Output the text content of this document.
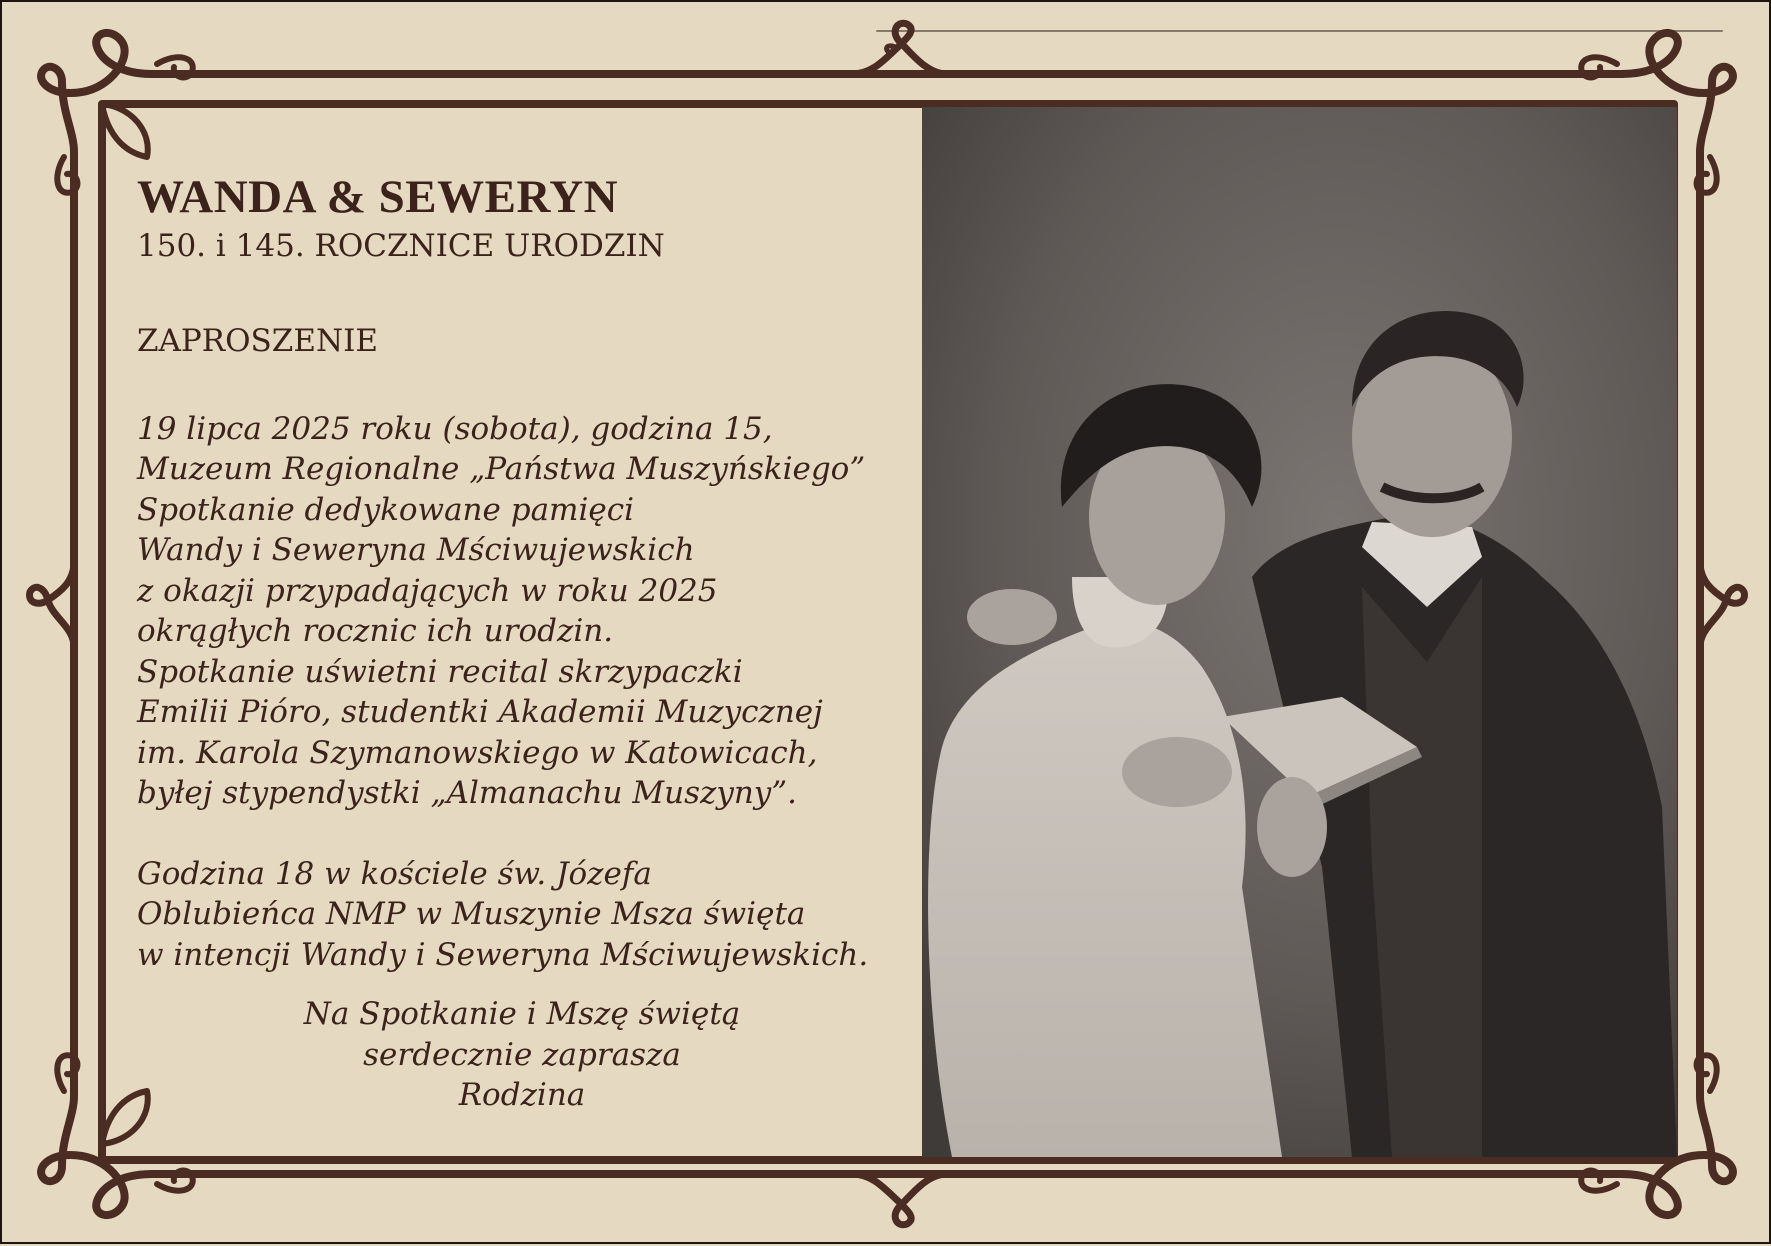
WANDA & SEWERYN

150. i 145. ROCZNICE URODZIN

ZAPROSZENIE

19 lipca 2025 roku (sobota), godzina 15,
Muzeum Regionalne „Państwa Muszyńskiego”
Spotkanie dedykowane pamięci
Wandy i Seweryna Mściwujewskich
z okazji przypadających w roku 2025
okrągłych rocznic ich urodzin.
Spotkanie uświetni recital skrzypaczki
Emilii Pióro, studentki Akademii Muzycznej
im. Karola Szymanowskiego w Katowicach,
byłej stypendystki „Almanachu Muszyny”.
Godzina 18 w kościele św. Józefa
Oblubieńca NMP w Muszynie Msza święta
w intencji Wandy i Seweryna Mściwujewskich.
Na Spotkanie i Mszę świętą
serdecznie zaprasza
Rodzina
